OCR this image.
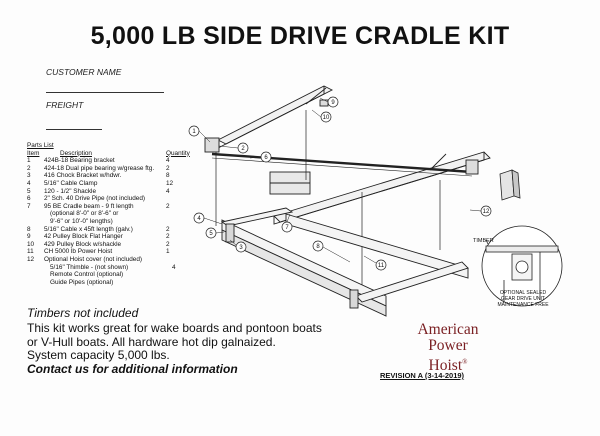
5,000 LB SIDE DRIVE CRADLE KIT
CUSTOMER NAME
FREIGHT
Parts List
Item	Description	Quantity
1	424B-18 Bearing bracket	4
2	424-18 Dual pipe bearing w/grease ftg.	2
3	416 Chock Bracket w/hdwr.	8
4	5/16" Cable Clamp	12
5	120 - 1/2" Shackle	4
6	2" Sch. 40 Drive Pipe (not included)
7	95 BE Cradle beam - 9 ft length	2
(optional 8'-0" or 8'-6" or
9'-6" or 10'-0" lengths)
8	5/16" Cable x 45ft length (galv.)	2
9	42 Pulley Block Flat Hanger	2
10	429 Pulley Block w/shackle	2
11	CH 5000 lb Power Hoist	1
12	Optional Hoist cover (not included)
5/16" Thimble - (not shown)	4
Remote Control (optional)
Guide Pipes (optional)
1
2
3
4
5
6
7
8
9
10
11
12
TIMBER
OPTIONAL SEALED
GEAR DRIVE UNIT MAINTENANCE FREE
Timbers not included
This kit works great for wake boards and pontoon boats
or V-Hull boats. All hardware hot dip galnaized.
System capacity 5,000 lbs.
Contact us for additional information
American
Power
Hoist®
REVISION A (3-14-2019)
